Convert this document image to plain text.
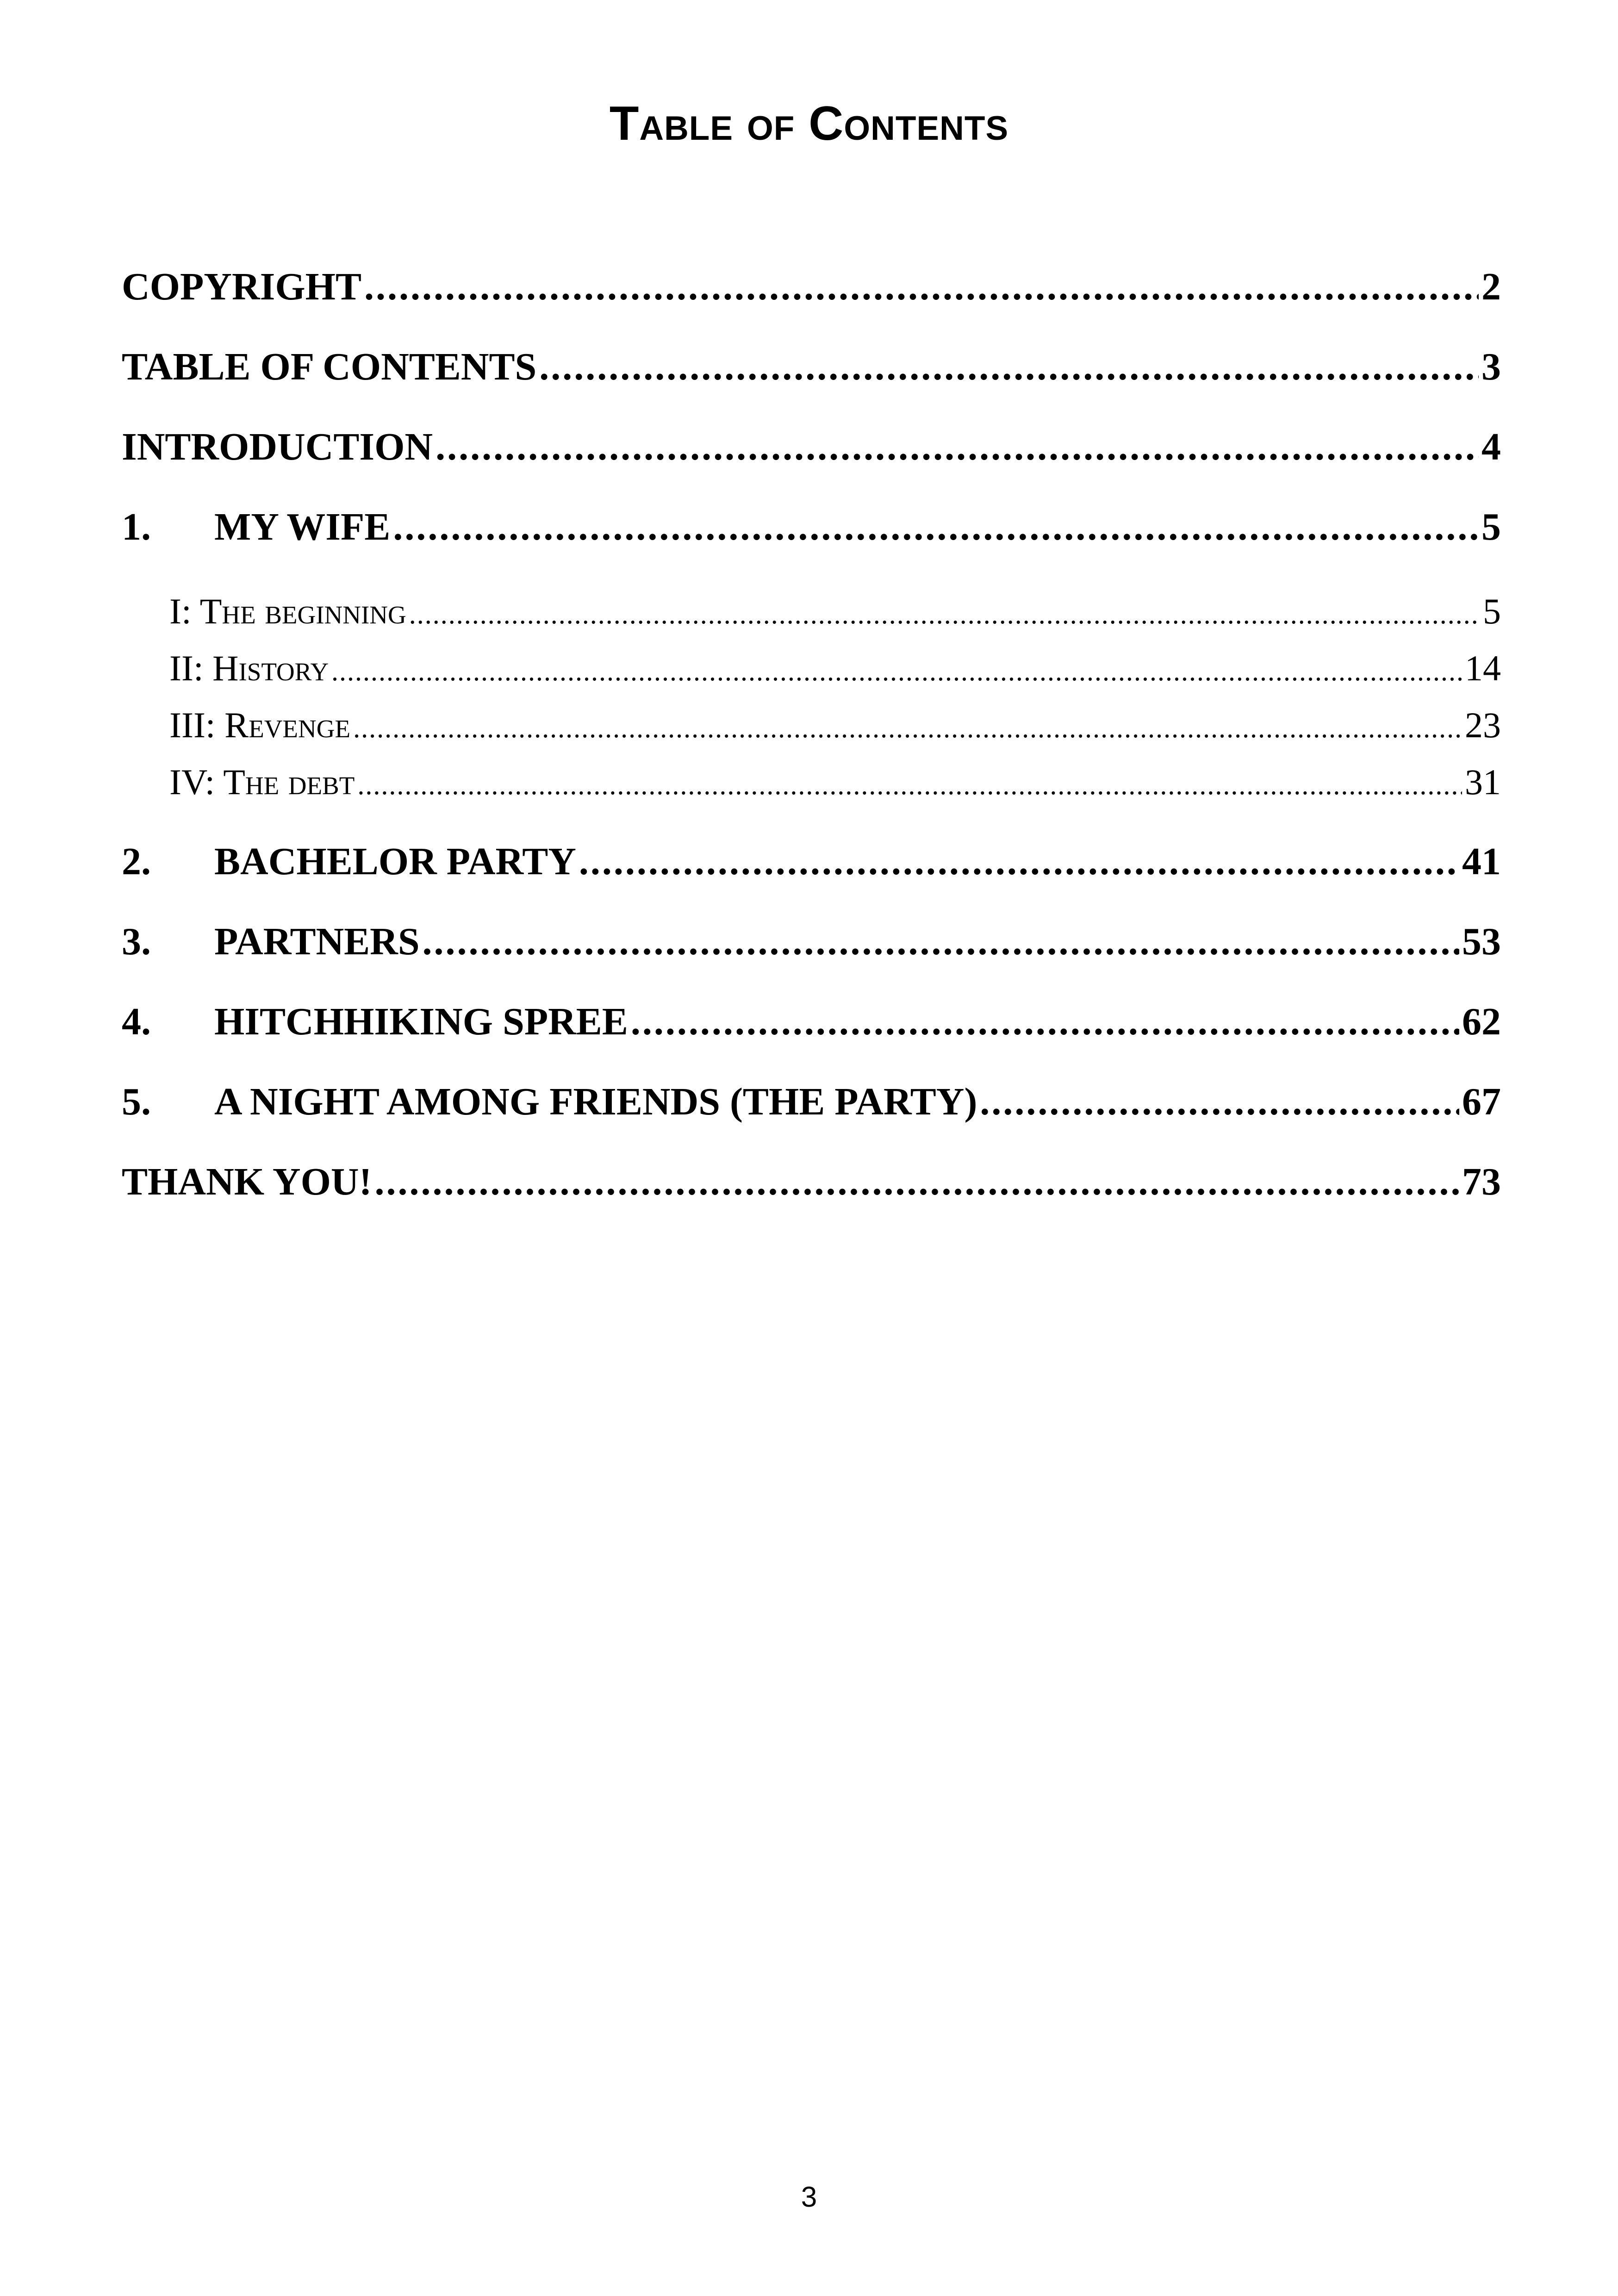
Table of Contents
COPYRIGHT .....	2
TABLE OF CONTENTS .....	3
INTRODUCTION .....	4
1.	MY WIFE .....	5
I: The beginning .....	5
II: History .....	14
III: Revenge .....	23
IV: The debt .....	31
2.	BACHELOR PARTY .....	41
3.	PARTNERS .....	53
4.	HITCHHIKING SPREE .....	62
5.	A NIGHT AMONG FRIENDS (THE PARTY) .....	67
THANK YOU! .....	73
3
